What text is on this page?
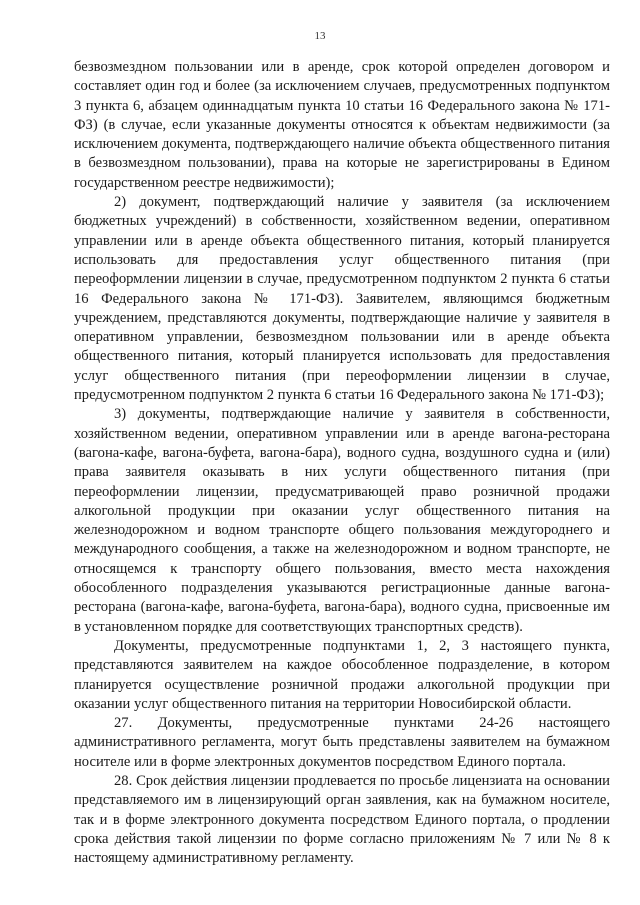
13

безвозмездном пользовании или в аренде, срок которой определен договором и составляет один год и более (за исключением случаев, предусмотренных подпунктом 3 пункта 6, абзацем одиннадцатым пункта 10 статьи 16 Федерального закона № 171-ФЗ) (в случае, если указанные документы относятся к объектам недвижимости (за исключением документа, подтверждающего наличие объекта общественного питания в безвозмездном пользовании), права на которые не зарегистрированы в Едином государственном реестре недвижимости);

2) документ, подтверждающий наличие у заявителя (за исключением бюджетных учреждений) в собственности, хозяйственном ведении, оперативном управлении или в аренде объекта общественного питания, который планируется использовать для предоставления услуг общественного питания (при переоформлении лицензии в случае, предусмотренном подпунктом 2 пункта 6 статьи 16 Федерального закона № 171-ФЗ). Заявителем, являющимся бюджетным учреждением, представляются документы, подтверждающие наличие у заявителя в оперативном управлении, безвозмездном пользовании или в аренде объекта общественного питания, который планируется использовать для предоставления услуг общественного питания (при переоформлении лицензии в случае, предусмотренном подпунктом 2 пункта 6 статьи 16 Федерального закона № 171-ФЗ);

3) документы, подтверждающие наличие у заявителя в собственности, хозяйственном ведении, оперативном управлении или в аренде вагона-ресторана (вагона-кафе, вагона-буфета, вагона-бара), водного судна, воздушного судна и (или) права заявителя оказывать в них услуги общественного питания (при переоформлении лицензии, предусматривающей право розничной продажи алкогольной продукции при оказании услуг общественного питания на железнодорожном и водном транспорте общего пользования междугороднего и международного сообщения, а также на железнодорожном и водном транспорте, не относящемся к транспорту общего пользования, вместо места нахождения обособленного подразделения указываются регистрационные данные вагона-ресторана (вагона-кафе, вагона-буфета, вагона-бара), водного судна, присвоенные им в установленном порядке для соответствующих транспортных средств).

Документы, предусмотренные подпунктами 1, 2, 3 настоящего пункта, представляются заявителем на каждое обособленное подразделение, в котором планируется осуществление розничной продажи алкогольной продукции при оказании услуг общественного питания на территории Новосибирской области.

27. Документы, предусмотренные пунктами 24-26 настоящего административного регламента, могут быть представлены заявителем на бумажном носителе или в форме электронных документов посредством Единого портала.

28. Срок действия лицензии продлевается по просьбе лицензиата на основании представляемого им в лицензирующий орган заявления, как на бумажном носителе, так и в форме электронного документа посредством Единого портала, о продлении срока действия такой лицензии по форме согласно приложениям № 7 или № 8 к настоящему административному регламенту.
